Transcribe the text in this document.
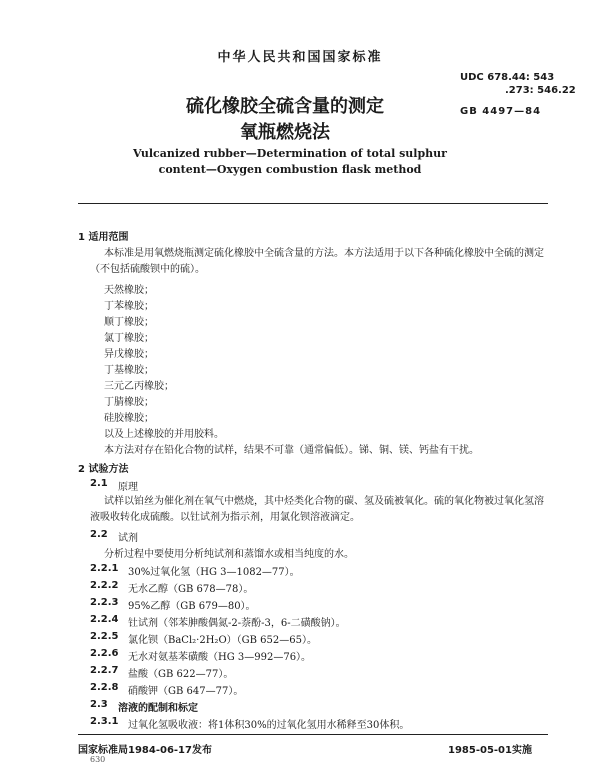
中华人民共和国国家标准
UDC 678.44: 543
.273: 546.22
GB 4497—84
硫化橡胶全硫含量的测定
氧瓶燃烧法
Vulcanized rubber—Determination of total sulphur
content—Oxygen combustion flask method
1 适用范围
本标准是用氧燃烧瓶测定硫化橡胶中全硫含量的方法。本方法适用于以下各种硫化橡胶中全硫的测定（不包括硫酸钡中的硫）。
天然橡胶；
丁苯橡胶；
顺丁橡胶；
氯丁橡胶；
异戊橡胶；
丁基橡胶；
三元乙丙橡胶；
丁腈橡胶；
硅胶橡胶；
以及上述橡胶的并用胶料。
本方法对存在铅化合物的试样，结果不可靠（通常偏低）。锑、铜、镁、钙盐有干扰。
2 试验方法
2.1 原理
试样以铂丝为催化剂在氧气中燃烧，其中烃类化合物的碳、氢及硫被氧化。硫的氧化物被过氧化氢溶液吸收转化成硫酸。以钍试剂为指示剂，用氯化钡溶液滴定。
2.2 试剂
分析过程中要使用分析纯试剂和蒸馏水或相当纯度的水。
2.2.1 30%过氧化氢（HG 3—1082—77）。
2.2.2 无水乙醇（GB 678—78）。
2.2.3 95%乙醇（GB 679—80）。
2.2.4 钍试剂（邻苯胂酸偶氮-2-萘酚-3，6-二磺酸钠）。
2.2.5 氯化钡（BaCl₂·2H₂O）（GB 652—65）。
2.2.6 无水对氨基苯磺酸（HG 3—992—76）。
2.2.7 盐酸（GB 622—77）。
2.2.8 硝酸钾（GB 647—77）。
2.3 溶液的配制和标定
2.3.1 过氧化氢吸收液：将1体积30%的过氧化氢用水稀释至30体积。
国家标准局1984-06-17发布	1985-05-01实施
630
